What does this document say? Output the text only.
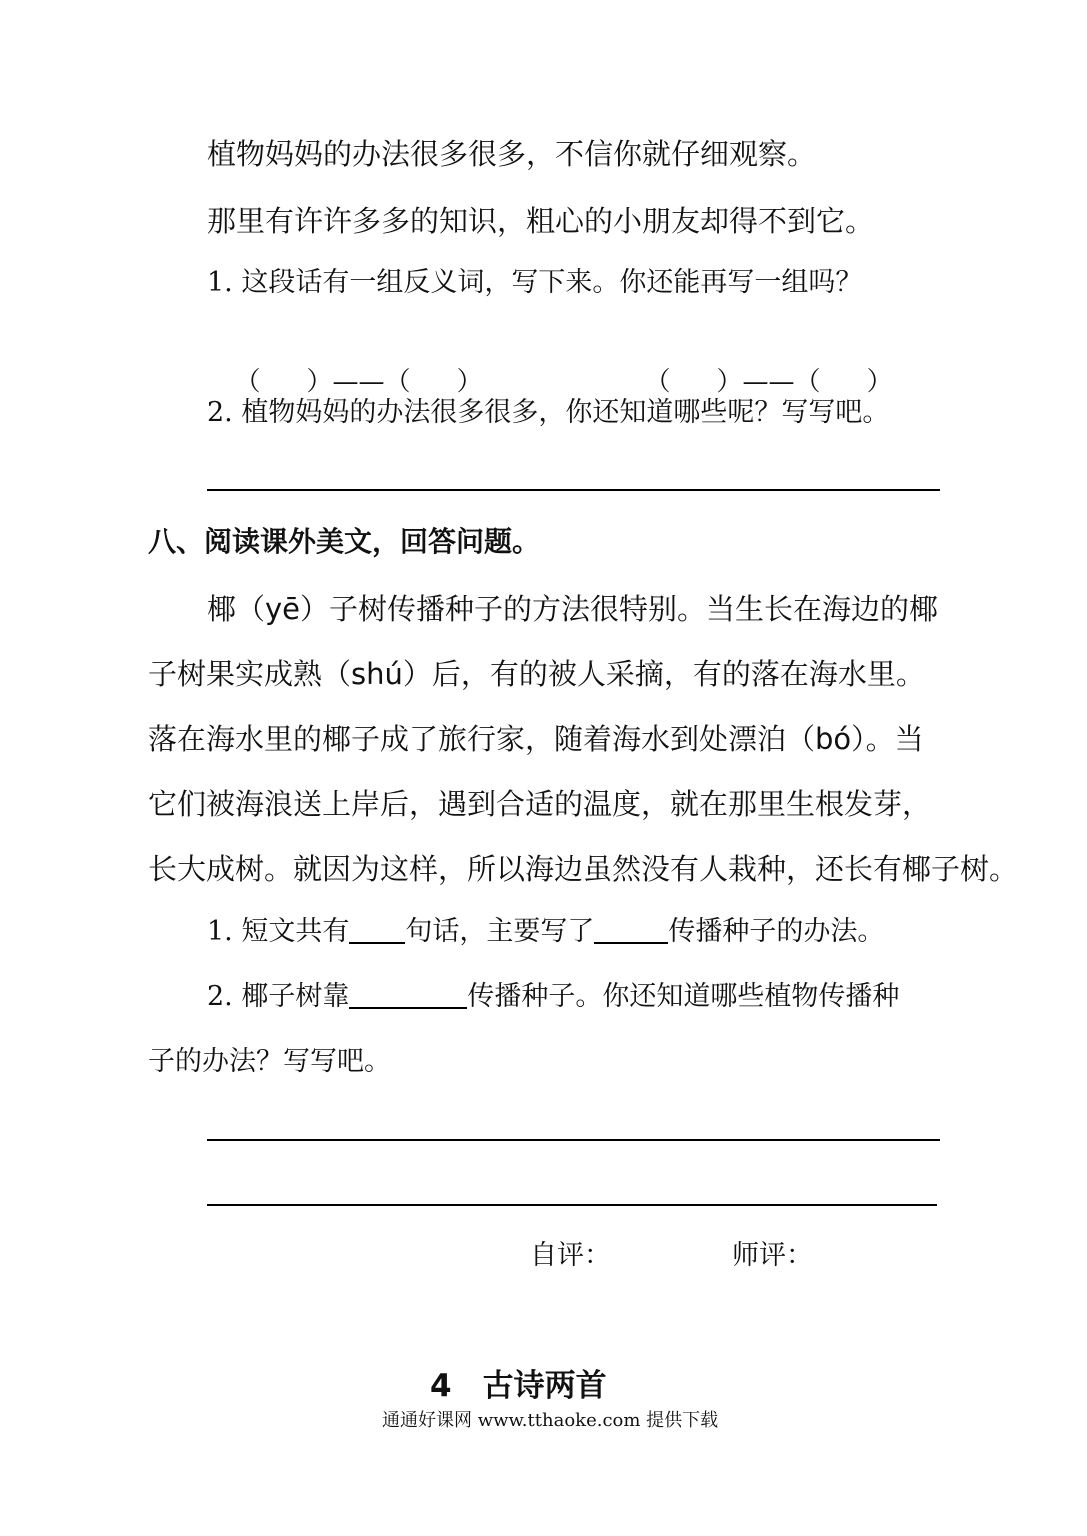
植物妈妈的办法很多很多，不信你就仔细观察。
那里有许许多多的知识，粗心的小朋友却得不到它。
1. 这段话有一组反义词，写下来。你还能再写一组吗？

（ ）——（ ）	（ ）——（ ）

2. 植物妈妈的办法很多很多，你还知道哪些呢？写写吧。
八、阅读课外美文，回答问题。
椰（yē）子树传播种子的方法很特别。当生长在海边的椰
子树果实成熟（shú）后，有的被人采摘，有的落在海水里。
落在海水里的椰子成了旅行家，随着海水到处漂泊（bó）。当
它们被海浪送上岸后，遇到合适的温度，就在那里生根发芽，
长大成树。就因为这样，所以海边虽然没有人栽种，还长有椰子树。
1. 短文共有 句话，主要写了	传播种子的办法。
2. 椰子树靠	传播种子。你还知道哪些植物传播种
子的办法？写写吧。
自评：	师评：
4　古诗两首
通通好课网 www.tthaoke.com 提供下载
